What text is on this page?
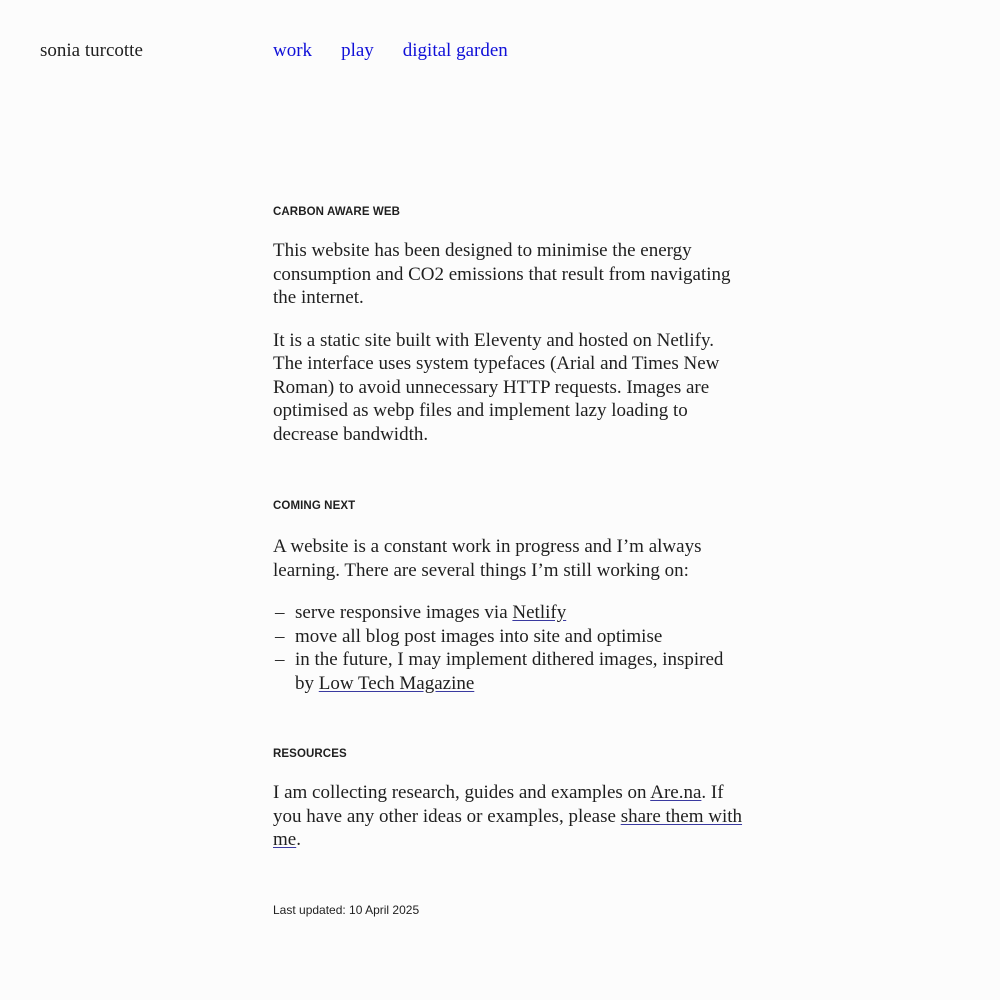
sonia turcotte	work play digital garden
CARBON AWARE WEB

This website has been designed to minimise the energy consumption and CO2 emissions that result from navigating the internet.

It is a static site built with Eleventy and hosted on Netlify. The interface uses system typefaces (Arial and Times New Roman) to avoid unnecessary HTTP requests. Images are optimised as webp files and implement lazy loading to decrease bandwidth.

COMING NEXT

A website is a constant work in progress and I’m always learning. There are several things I’m still working on:

– serve responsive images via Netlify
– move all blog post images into site and optimise
– in the future, I may implement dithered images, inspired by Low Tech Magazine
RESOURCES

I am collecting research, guides and examples on Are.na. If you have any other ideas or examples, please share them with me.

Last updated: 10 April 2025
